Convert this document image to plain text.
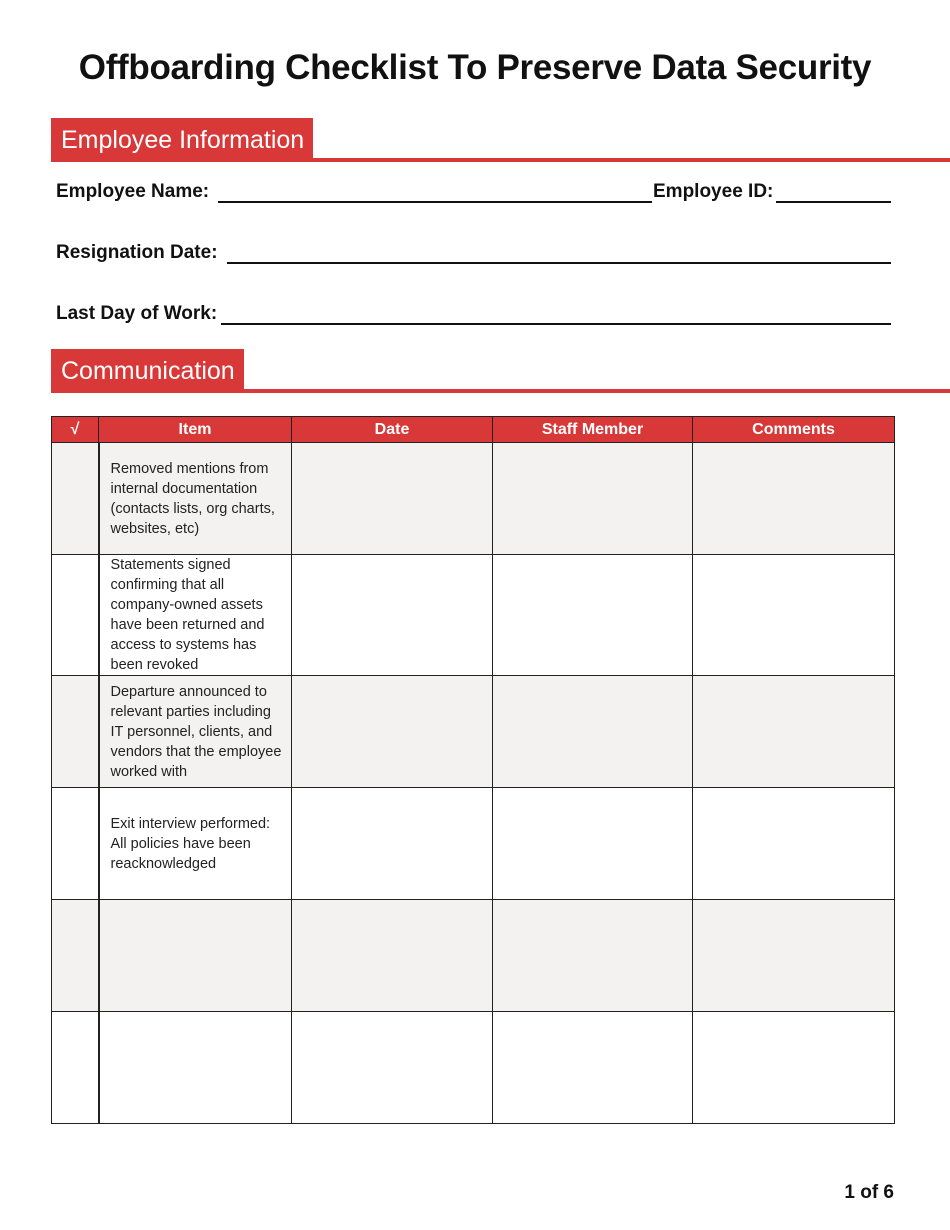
Offboarding Checklist To Preserve Data Security
Employee Information
Employee Name:	Employee ID:
Resignation Date:
Last Day of Work:
Communication
√	Item	Date	Staff Member	Comments
	Removed mentions from internal documentation (contacts lists, org charts, websites, etc)			
	Statements signed confirming that all company-owned assets have been returned and access to systems has been revoked			
	Departure announced to relevant parties including IT personnel, clients, and vendors that the employee worked with			
	Exit interview performed: All policies have been reacknowledged			

1 of 6
